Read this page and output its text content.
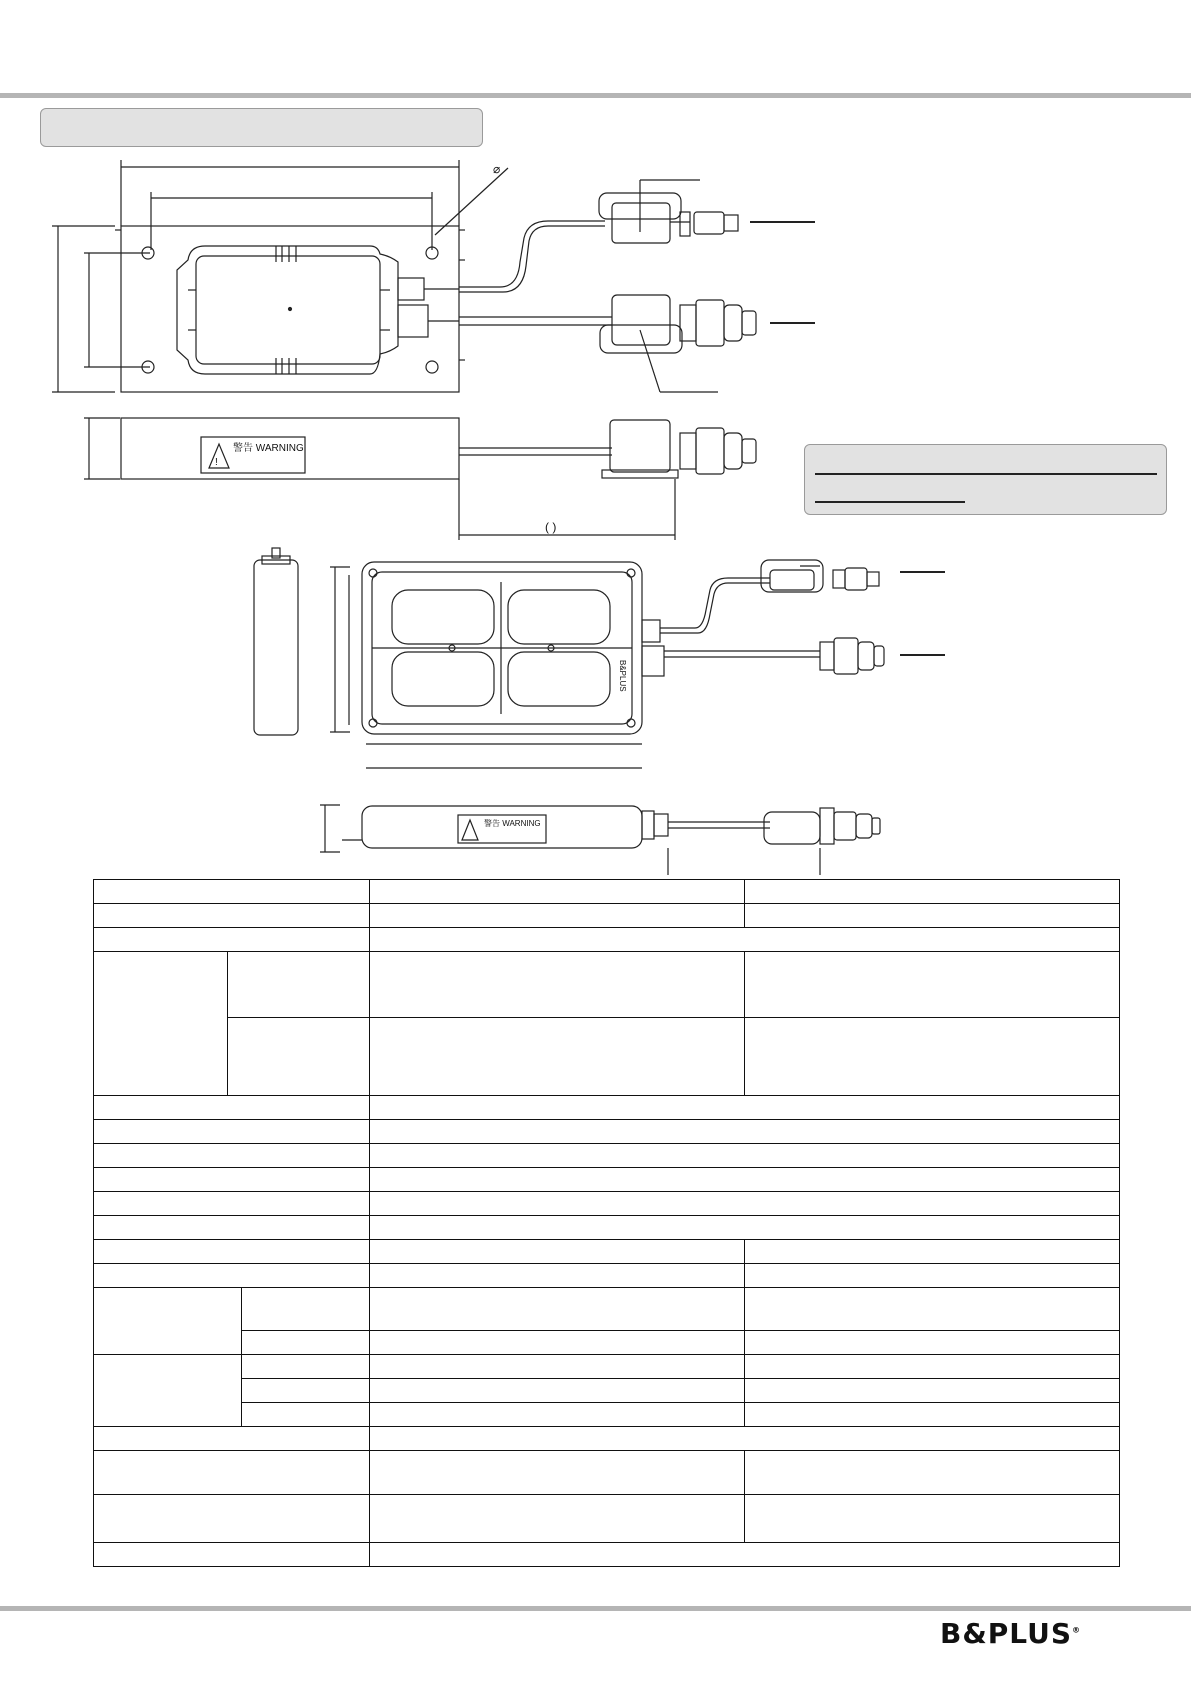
警告 WARNING
警告 WARNING
!
B&PLUS
⌀
( )

B&PLUS®
